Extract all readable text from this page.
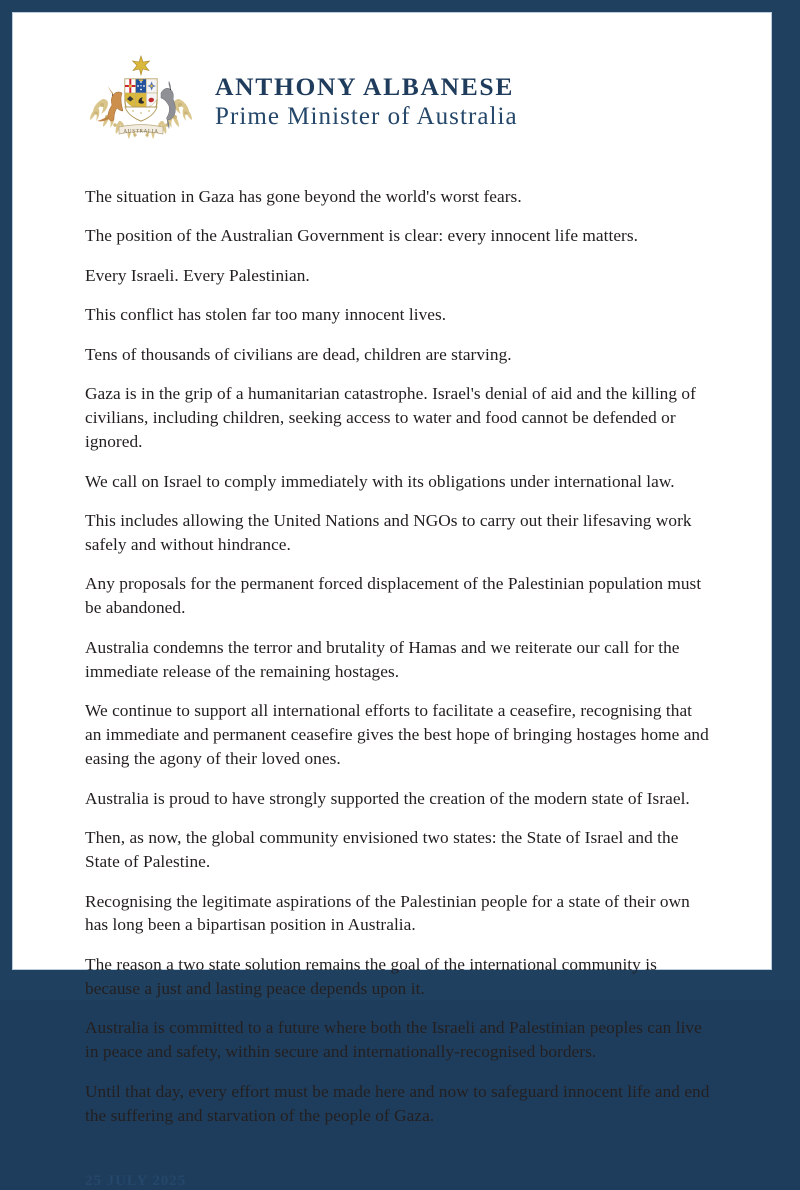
AUSTRALIA
ANTHONY ALBANESE
Prime Minister of Australia

The situation in Gaza has gone beyond the world's worst fears.

The position of the Australian Government is clear: every innocent life matters.

Every Israeli. Every Palestinian.

This conflict has stolen far too many innocent lives.

Tens of thousands of civilians are dead, children are starving.

Gaza is in the grip of a humanitarian catastrophe. Israel's denial of aid and the killing of civilians, including children, seeking access to water and food cannot be defended or ignored.

We call on Israel to comply immediately with its obligations under international law.

This includes allowing the United Nations and NGOs to carry out their lifesaving work safely and without hindrance.

Any proposals for the permanent forced displacement of the Palestinian population must be abandoned.

Australia condemns the terror and brutality of Hamas and we reiterate our call for the immediate release of the remaining hostages.

We continue to support all international efforts to facilitate a ceasefire, recognising that an immediate and permanent ceasefire gives the best hope of bringing hostages home and easing the agony of their loved ones.

Australia is proud to have strongly supported the creation of the modern state of Israel.

Then, as now, the global community envisioned two states: the State of Israel and the State of Palestine.

Recognising the legitimate aspirations of the Palestinian people for a state of their own has long been a bipartisan position in Australia.

The reason a two state solution remains the goal of the international community is because a just and lasting peace depends upon it.

Australia is committed to a future where both the Israeli and Palestinian peoples can live in peace and safety, within secure and internationally-recognised borders.

Until that day, every effort must be made here and now to safeguard innocent life and end the suffering and starvation of the people of Gaza.

25 JULY 2025
